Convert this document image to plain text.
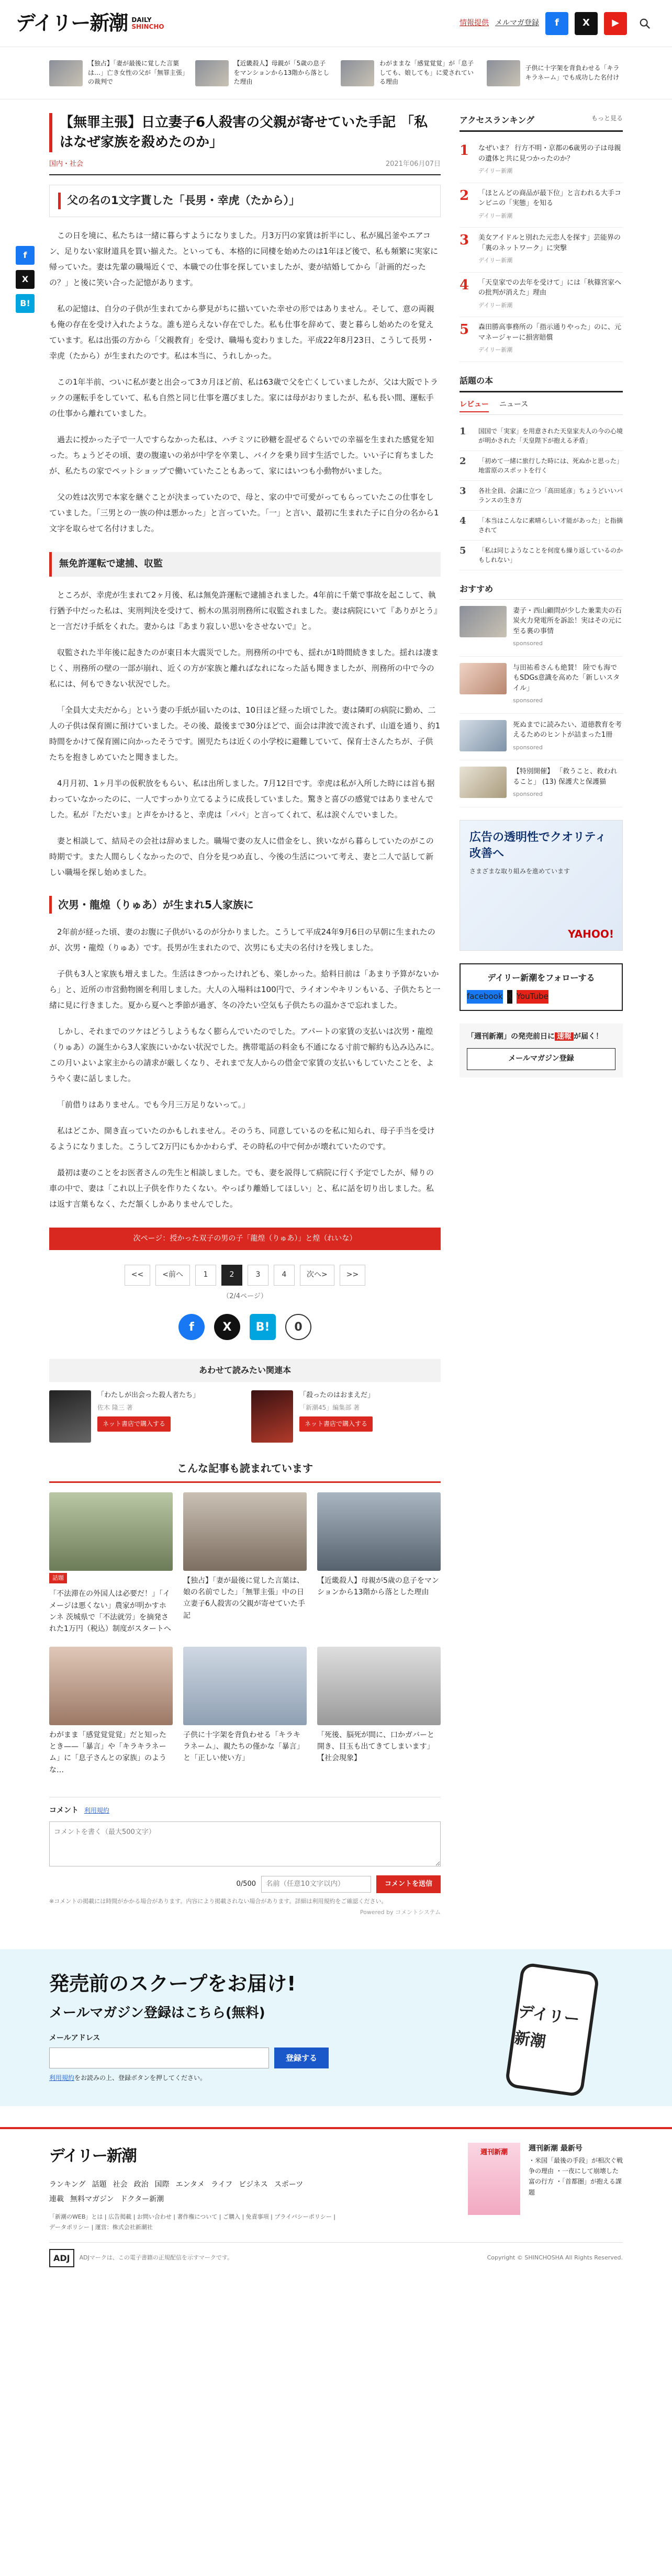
デイリー新潮 DAILY
SHINCHO	情報提供 メルマガ登録	f	X	▶

【独占】「妻が最後に覚した言葉は…」亡き女性の父が「無罪主張」の裁判で

【近畿殺人】母親が「5歳の息子をマンションから13階から落とした理由

わがままな「感覚覚覚」が「息子しても、娘しても」に愛されている理由

子供に十字架を背負わせる「キラキラネーム」でも成功した名付け

f
X
B!
【無罪主張】日立妻子6人殺害の父親が寄せていた手記 「私はなぜ家族を殺めたのか」
国内・社会	2021年06月07日
父の名の1文字貰した「長男・幸虎（たから）」

この日を境に、私たちは一緒に暮らすようになりました。月3万円の家賃は折半にし、私が風呂釜やエアコン、足りない家財道具を買い揃えた。といっても、本格的に同棲を始めたのは1年ほど後で、私も頻繁に実家に帰っていた。妻は先輩の職場近くで、本職での仕事を探していましたが、妻が結婚してから「計画的だったの？」と後に笑い合った記憶があります。

私の記憶は、自分の子供が生まれてから夢見がちに描いていた幸せの形ではありません。そして、意の両親も俺の存在を受け入れたような。誰も逆らえない存在でした。私も仕事を辞めて、妻と暮らし始めたのを覚えています。私は出張の方から「父親教育」を受け、職場も変わりました。平成22年8月23日、こうして長男・幸虎（たから）が生まれたのです。私は本当に、うれしかった。

この1年半前、ついに私が妻と出会って3カ月ほど前、私は63歳で父を亡くしていましたが、父は大阪でトラックの運転手をしていて、私も自然と同じ仕事を選びました。家には母がおりましたが、私も長い間、運転手の仕事から離れていました。

過去に授かった子で一人ですらなかった私は、ハチミツに砂糖を混ぜるぐらいでの幸福を生まれた感覚を知った。ちょうどその頃、妻の腹違いの弟が中学を卒業し、バイクを乗り回す生活でした。いい子に育ちましたが、私たちの家でペットショップで働いていたこともあって、家にはいつも小動物がいました。

父の姓は次男で本家を継ぐことが決まっていたので、母と、家の中で可愛がってもらっていたこの仕事をしていました。「三男との一族の仲は悪かった」と言っていた。「一」と言い、最初に生まれた子に自分の名から1文字を取らせて名付けました。

無免許運転で逮捕、収監

ところが、幸虎が生まれて2ヶ月後、私は無免許運転で逮捕されました。4年前に千葉で事故を起こして、執行猶予中だった私は、実刑判決を受けて、栃木の黒羽刑務所に収監されました。妻は病院にいて『ありがとう』と一言だけ手紙をくれた。妻からは『あまり寂しい思いをさせないで』と。

収監された半年後に起きたのが東日本大震災でした。刑務所の中でも、揺れが1時間続きました。揺れは凄まじく、刑務所の壁の一部が崩れ、近くの方が家族と離ればなれになった話も聞きましたが、刑務所の中で今の私には、何もできない状況でした。

「全員大丈夫だから」という妻の手紙が届いたのは、10日ほど経った頃でした。妻は隣町の病院に勤め、二人の子供は保育園に預けていました。その後、最後まで30分ほどで、面会は津波で流されず、山道を通り、約1時間をかけて保育園に向かったそうです。園児たちは近くの小学校に避難していて、保育士さんたちが、子供たちを抱きしめていたと聞きました。

4月月初、1ヶ月半の仮釈放をもらい、私は出所しました。7月12日です。幸虎は私が入所した時には首も据わっていなかったのに、一人ですっかり立てるように成長していました。驚きと喜びの感覚ではありませんでした。私が『ただいま』と声をかけると、幸虎は「パパ」と言ってくれて、私は涙ぐんでいました。

妻と相談して、結局その会社は辞めました。職場で妻の友人に借金をし、狭いながら暮らしていたのがこの時期です。また人間らしくなかったので、自分を見つめ直し、今後の生活について考え、妻と二人で話して新しい職場を探し始めました。

次男・龍煌（りゅあ）が生まれ5人家族に

2年前が経った頃、妻のお腹に子供がいるのが分かりました。こうして平成24年9月6日の早朝に生まれたのが、次男・龍煌（りゅあ）です。長男が生まれたので、次男にも丈夫の名付けを残しました。

子供も3人と家族も増えました。生活はきつかったけれども、楽しかった。給料日前は「あまり予算がないから」と、近所の市営動物園を利用しました。大人の入場料は100円で、ライオンやキリンもいる、子供たちと一緒に見に行きました。夏から夏へと季節が過ぎ、冬の冷たい空気も子供たちの温かさで忘れました。

しかし、それまでのツケはどうしようもなく膨らんでいたのでした。アパートの家賃の支払いは次男・龍煌（りゅあ）の誕生から3人家族にいかない状況でした。携帯電話の料金も不通になる寸前で解約も込み込みに。この月いよいよ家主からの請求が厳しくなり、それまで友人からの借金で家賃の支払いもしていたことを、ようやく妻に話しました。

「前借りはありません。でも今月三万足りないって。」

私はどこか、開き直っていたのかもしれません。そのうち、同意しているのを私に知られ、母子手当を受けるようになりました。こうして2万円にもかかわらず、その時私の中で何かが壊れていたのです。

最初は妻のことをお医者さんの先生と相談しました。でも、妻を説得して病院に行く予定でしたが、帰りの車の中で、妻は「これ以上子供を作りたくない。やっぱり離婚してほしい」と、私に話を切り出しました。私は返す言葉もなく、ただ頷くしかありませんでした。

次ページ：授かった双子の男の子「龍煌（りゅあ）」と煌（れいな）
<<	<前へ	1	2	3	4	次へ>	>>
（2/4ページ）
f	X	B!	0
あわせて読みたい関連本

「わたしが出会った殺人者たち」

佐木 隆三 著

ネット書店で購入する

「殺ったのはおまえだ」

「新潮45」編集部 著

ネット書店で購入する
こんな記事も読まれています
話題

「不法滞在の外国人は必要だ！」「イメージは悪くない」農家が明かすホンネ 茨城県で「不法就労」を摘発された1万円（税込）制度がスタートへ

【独占】「妻が最後に覚した言葉は、娘の名前でした」「無罪主張」中の日立妻子6人殺害の父親が寄せていた手記

【近畿殺人】母親が5歳の息子をマンションから13階から落とした理由

わがまま「感覚覚覚覚」だと知ったとき——「暴言」や「キラキラネーム」に「息子さんとの家族」のような…

子供に十字架を背負わせる「キラキラネーム」、親たちの僅かな「暴言」と「正しい使い方」

「死後、脳死が間に、口かガバーと開き、目玉も出てきてしまいます」【社会現象】

コメント 利用規約
コメントを書く（最大500文字）
0/500
名前（任意10文字以内）	コメントを送信

※コメントの掲載には時間がかかる場合があります。内容により掲載されない場合があります。詳細は利用規約をご確認ください。

Powered by コメントシステム

アクセスランキング	もっと見る
1	なぜいま？ 行方不明・京都の6歳男の子は母親の遺体と共に見つかったのか？

デイリー新潮
2	「ほとんどの商品が最下位」と言われる大手コンビニの「実態」を知る

デイリー新潮
3	美女アイドルと別れた元恋人を探す」芸能界の「裏のネットワーク」に突撃

デイリー新潮
4	「天皇家での去年を受けて」には「秋篠宮家への批判が消えた」理由

デイリー新潮
5	森田勝高事務所の「指示通りやった」のに、元マネージャーに損害賠償

デイリー新潮
話題の本
レビュー ニュース
1	国国で「実家」を用意された天皇家夫人の今の心境が明かされた「天皇陛下が抱える矛盾」

2	「初めて一緒に旅行した時には、死ぬかと思った」地雷原のスポットを行く

3	各社全員、会議に立つ「高田延彦」ちょうどいいバランスの生き方

4	「本当はこんなに素晴らしい才能があった」と指摘されて

5	「私は同じようなことを何度も繰り返しているのかもしれない」

おすすめ

妻子・西山顧問が少した兼業夫の石炭火力発電所を訴訟！実はその元に至る裏の事情

sponsored

与田祐希さんも絶賛！ 陸でも海でもSDGs意識を高めた「新しいスタイル」

sponsored

死ぬまでに読みたい、道徳教育を考えるためのヒントが詰まった1冊

sponsored

【特別開催】 「救うこと、救われること」 (13) 保護犬と保護猫

sponsored
広告の透明性でクオリティ改善へ

さまざまな取り組みを進めています

YAHOO!
デイリー新潮をフォローする
facebook X YouTube

「週刊新潮」の発売前日に 速報 が届く！

メールマガジン登録
発売前のスクープをお届け!
メールマガジン登録はこちら(無料)

メールアドレス

登録する

利用規約をお読みの上、登録ボタンを押してください。

デイリー新潮
デイリー新潮
ランキング 話題 社会 政治 国際 エンタメ ライフ ビジネス スポーツ
連載 無料マガジン ドクター新潮

「新潮のWEB」とは | 広告掲載 | お問い合わせ | 著作権について | ご購入 | 免責事項 | プライバシーポリシー | データポリシー | 運営：株式会社新潮社

週刊新潮	週刊新潮 最新号

・米国「最後の手段」が相次ぐ戦争の理由 ・一夜にして崩壊した富の行方 ・「首都圏」が抱える課題

ADJ	ADJマークは、この電子書籍の正規配信を示すマークです。	Copyright © SHINCHOSHA All Rights Reserved.
